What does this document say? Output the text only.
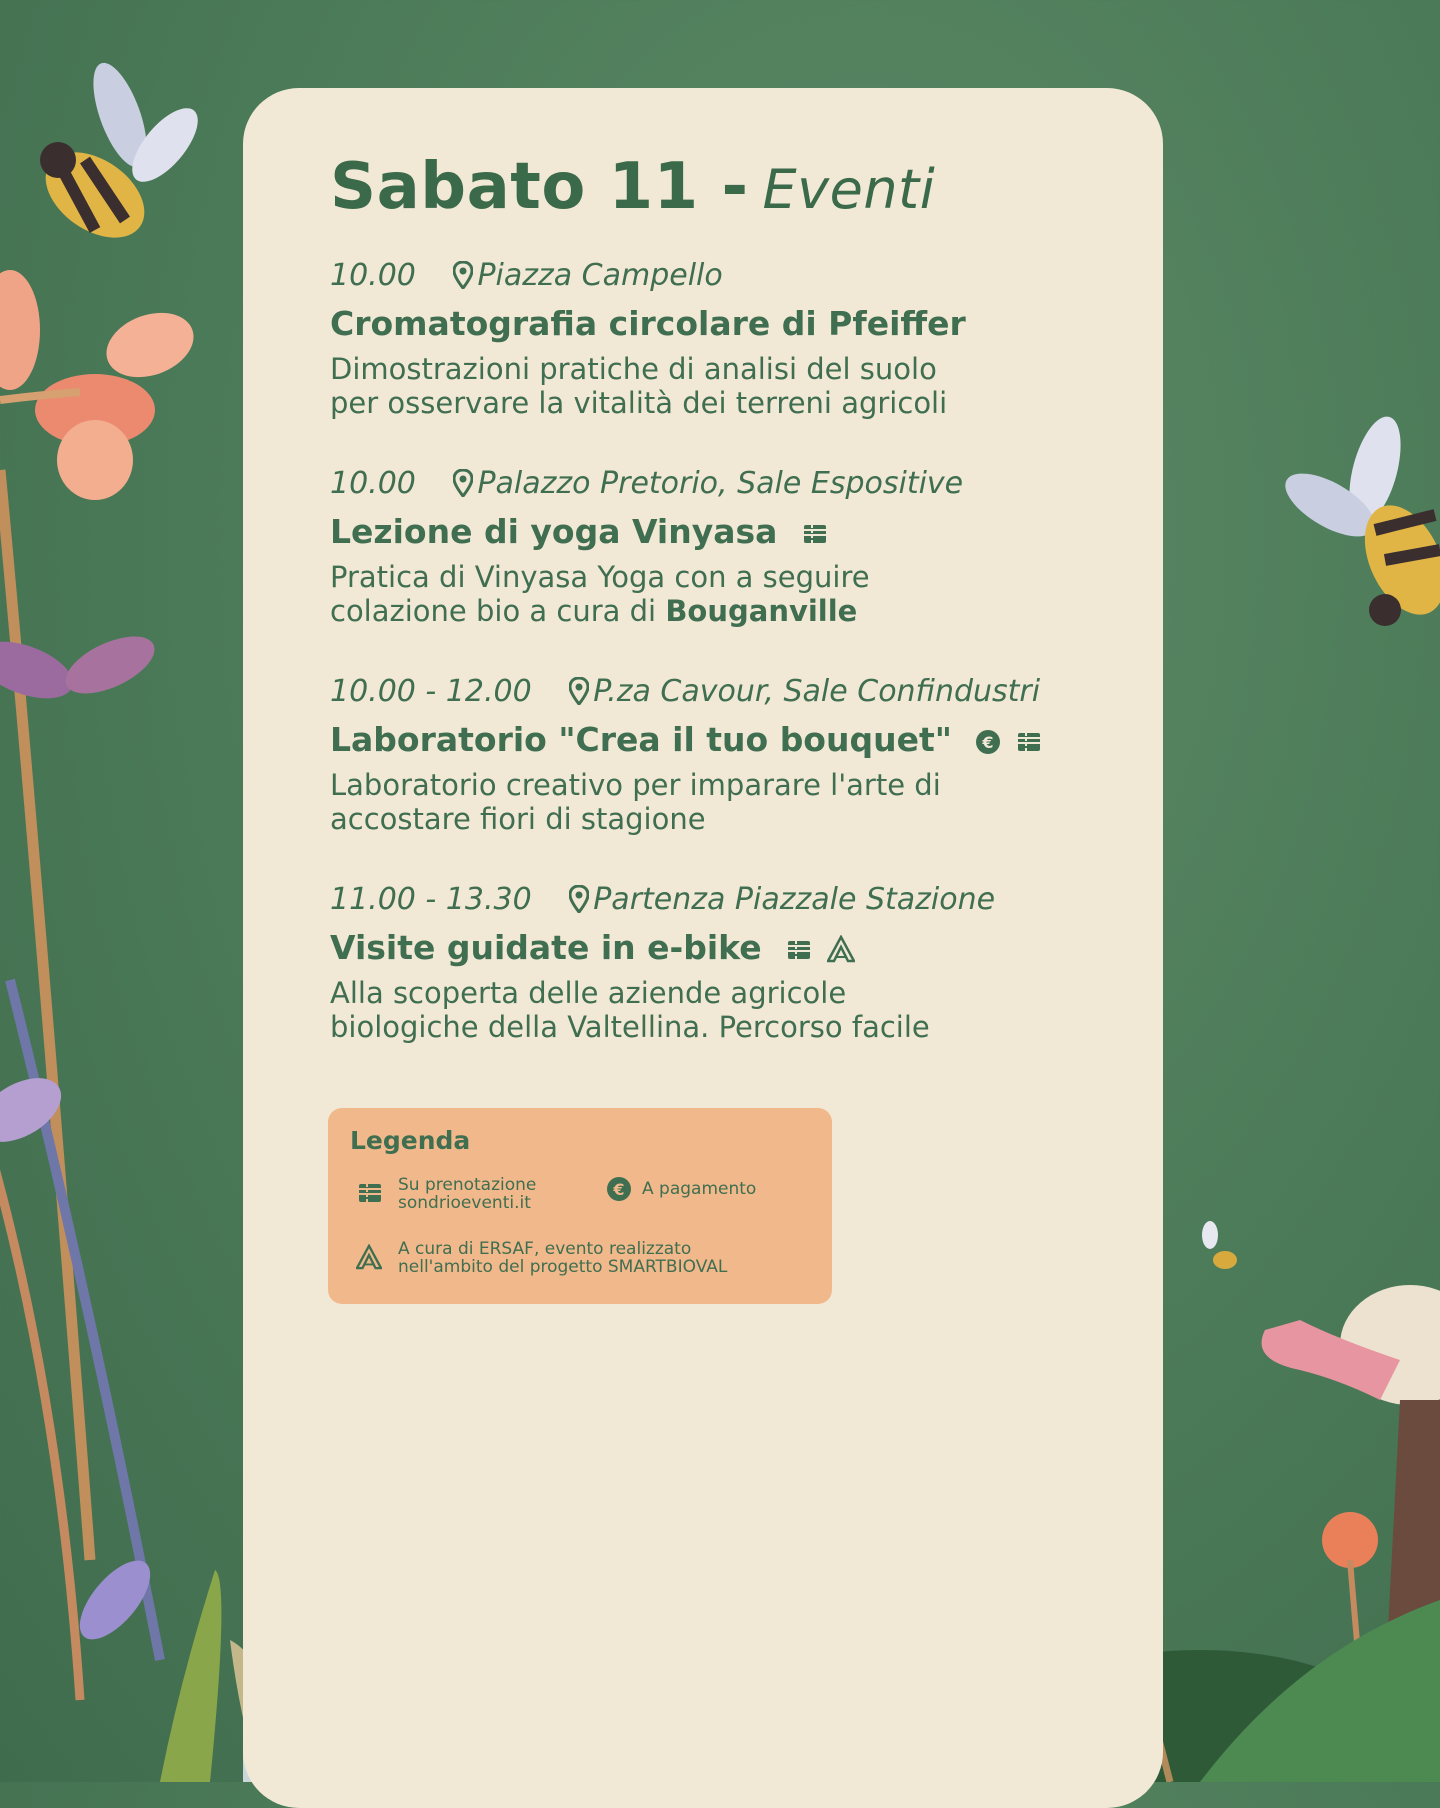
Sabato 11 - Eventi
10.00 Piazza Campello
Cromatografia circolare di Pfeiffer
Dimostrazioni pratiche di analisi del suolo
per osservare la vitalità dei terreni agricoli
10.00 Palazzo Pretorio, Sale Espositive
Lezione di yoga Vinyasa
Pratica di Vinyasa Yoga con a seguire
colazione bio a cura di Bouganville
10.00 - 12.00 P.za Cavour, Sale Confindustri
Laboratorio "Crea il tuo bouquet" €

Laboratorio creativo per imparare l'arte di
accostare fiori di stagione
11.00 - 13.30 Partenza Piazzale Stazione
Visite guidate in e-bike
Alla scoperta delle aziende agricole
biologiche della Valtellina. Percorso facile
Legenda
Su prenotazione
sondrioeventi.it
€ A pagamento
A cura di ERSAF, evento realizzato
nell'ambito del progetto SMARTBIOVAL
